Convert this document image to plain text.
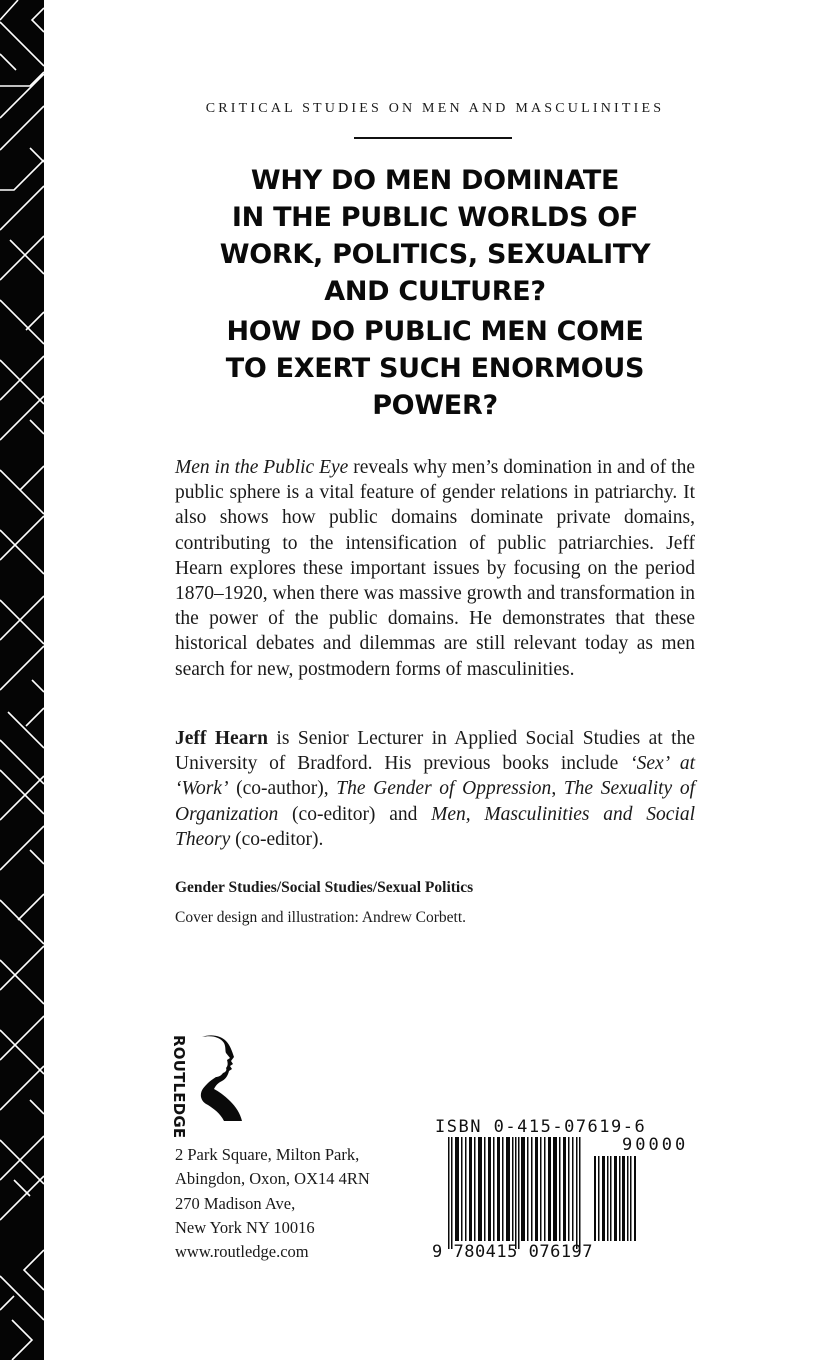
CRITICAL STUDIES ON MEN AND MASCULINITIES
WHY DO MEN DOMINATE
IN THE PUBLIC WORLDS OF
WORK, POLITICS, SEXUALITY
AND CULTURE?
HOW DO PUBLIC MEN COME
TO EXERT SUCH ENORMOUS
POWER?
Men in the Public Eye reveals why men’s domination in and of the public sphere is a vital feature of gender relations in patriarchy. It also shows how public domains dominate private domains, contributing to the intensification of public patriarchies. Jeff Hearn explores these important issues by focusing on the period 1870–1920, when there was massive growth and transformation in the power of the public domains. He demonstrates that these historical debates and dilemmas are still relevant today as men search for new, postmodern forms of masculinities.
Jeff Hearn is Senior Lecturer in Applied Social Studies at the University of Bradford. His previous books include ‘Sex’ at ‘Work’ (co-author), The Gender of Oppression, The Sexuality of Organization (co-editor) and Men, Masculinities and Social Theory (co-editor).
Gender Studies/Social Studies/Sexual Politics
Cover design and illustration: Andrew Corbett.
ROUTLEDGE
2 Park Square, Milton Park,
Abingdon, Oxon, OX14 4RN
270 Madison Ave,
New York NY 10016
www.routledge.com
ISBN 0-415-07619-6
90000
9 780415 076197
